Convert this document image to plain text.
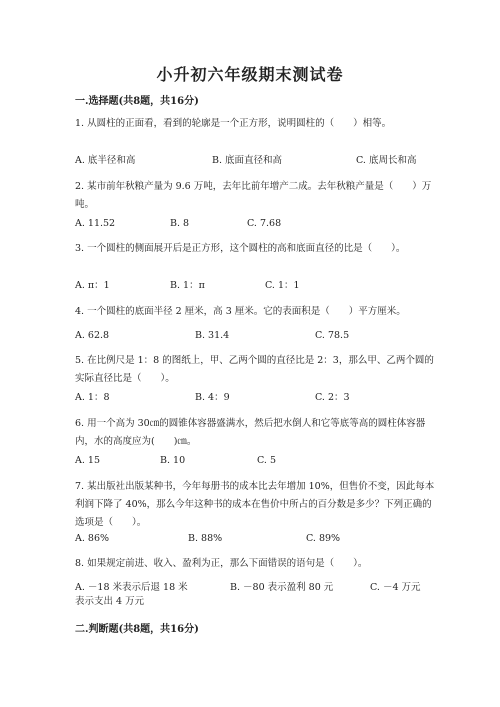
小升初六年级期末测试卷
一.选择题(共8题，共16分)
1. 从圆柱的正面看，看到的轮廓是一个正方形，说明圆柱的（　　）相等。
A. 底半径和高	B. 底面直径和高	C. 底周长和高
2. 某市前年秋粮产量为 9.6 万吨，去年比前年增产二成。去年秋粮产量是（　　）万吨。
A. 11.52	B. 8	C. 7.68
3. 一个圆柱的侧面展开后是正方形，这个圆柱的高和底面直径的比是（　　）。
A. π：1	B. 1：π	C. 1：1
4. 一个圆柱的底面半径 2 厘米，高 3 厘米。它的表面积是（　　）平方厘米。
A. 62.8	B. 31.4	C. 78.5
5. 在比例尺是 1：8 的图纸上，甲、乙两个圆的直径比是 2：3，那么甲、乙两个圆的实际直径比是（　　）。
A. 1：8	B. 4：9	C. 2：3
6. 用一个高为 30㎝的圆锥体容器盛满水，然后把水倒人和它等底等高的圆柱体容器内，水的高度应为(　　)㎝。
A. 15	B. 10	C. 5
7. 某出版社出版某种书，今年每册书的成本比去年增加 10%，但售价不变，因此每本利润下降了 40%，那么今年这种书的成本在售价中所占的百分数是多少？下列正确的选项是（　　）。
A. 86%	B. 88%	C. 89%
8. 如果规定前进、收入、盈利为正，那么下面错误的语句是（　　）。
A. －18 米表示后退 18 米	B. －80 表示盈利 80 元	C. －4 万元
表示支出 4 万元
二.判断题(共8题，共16分)
